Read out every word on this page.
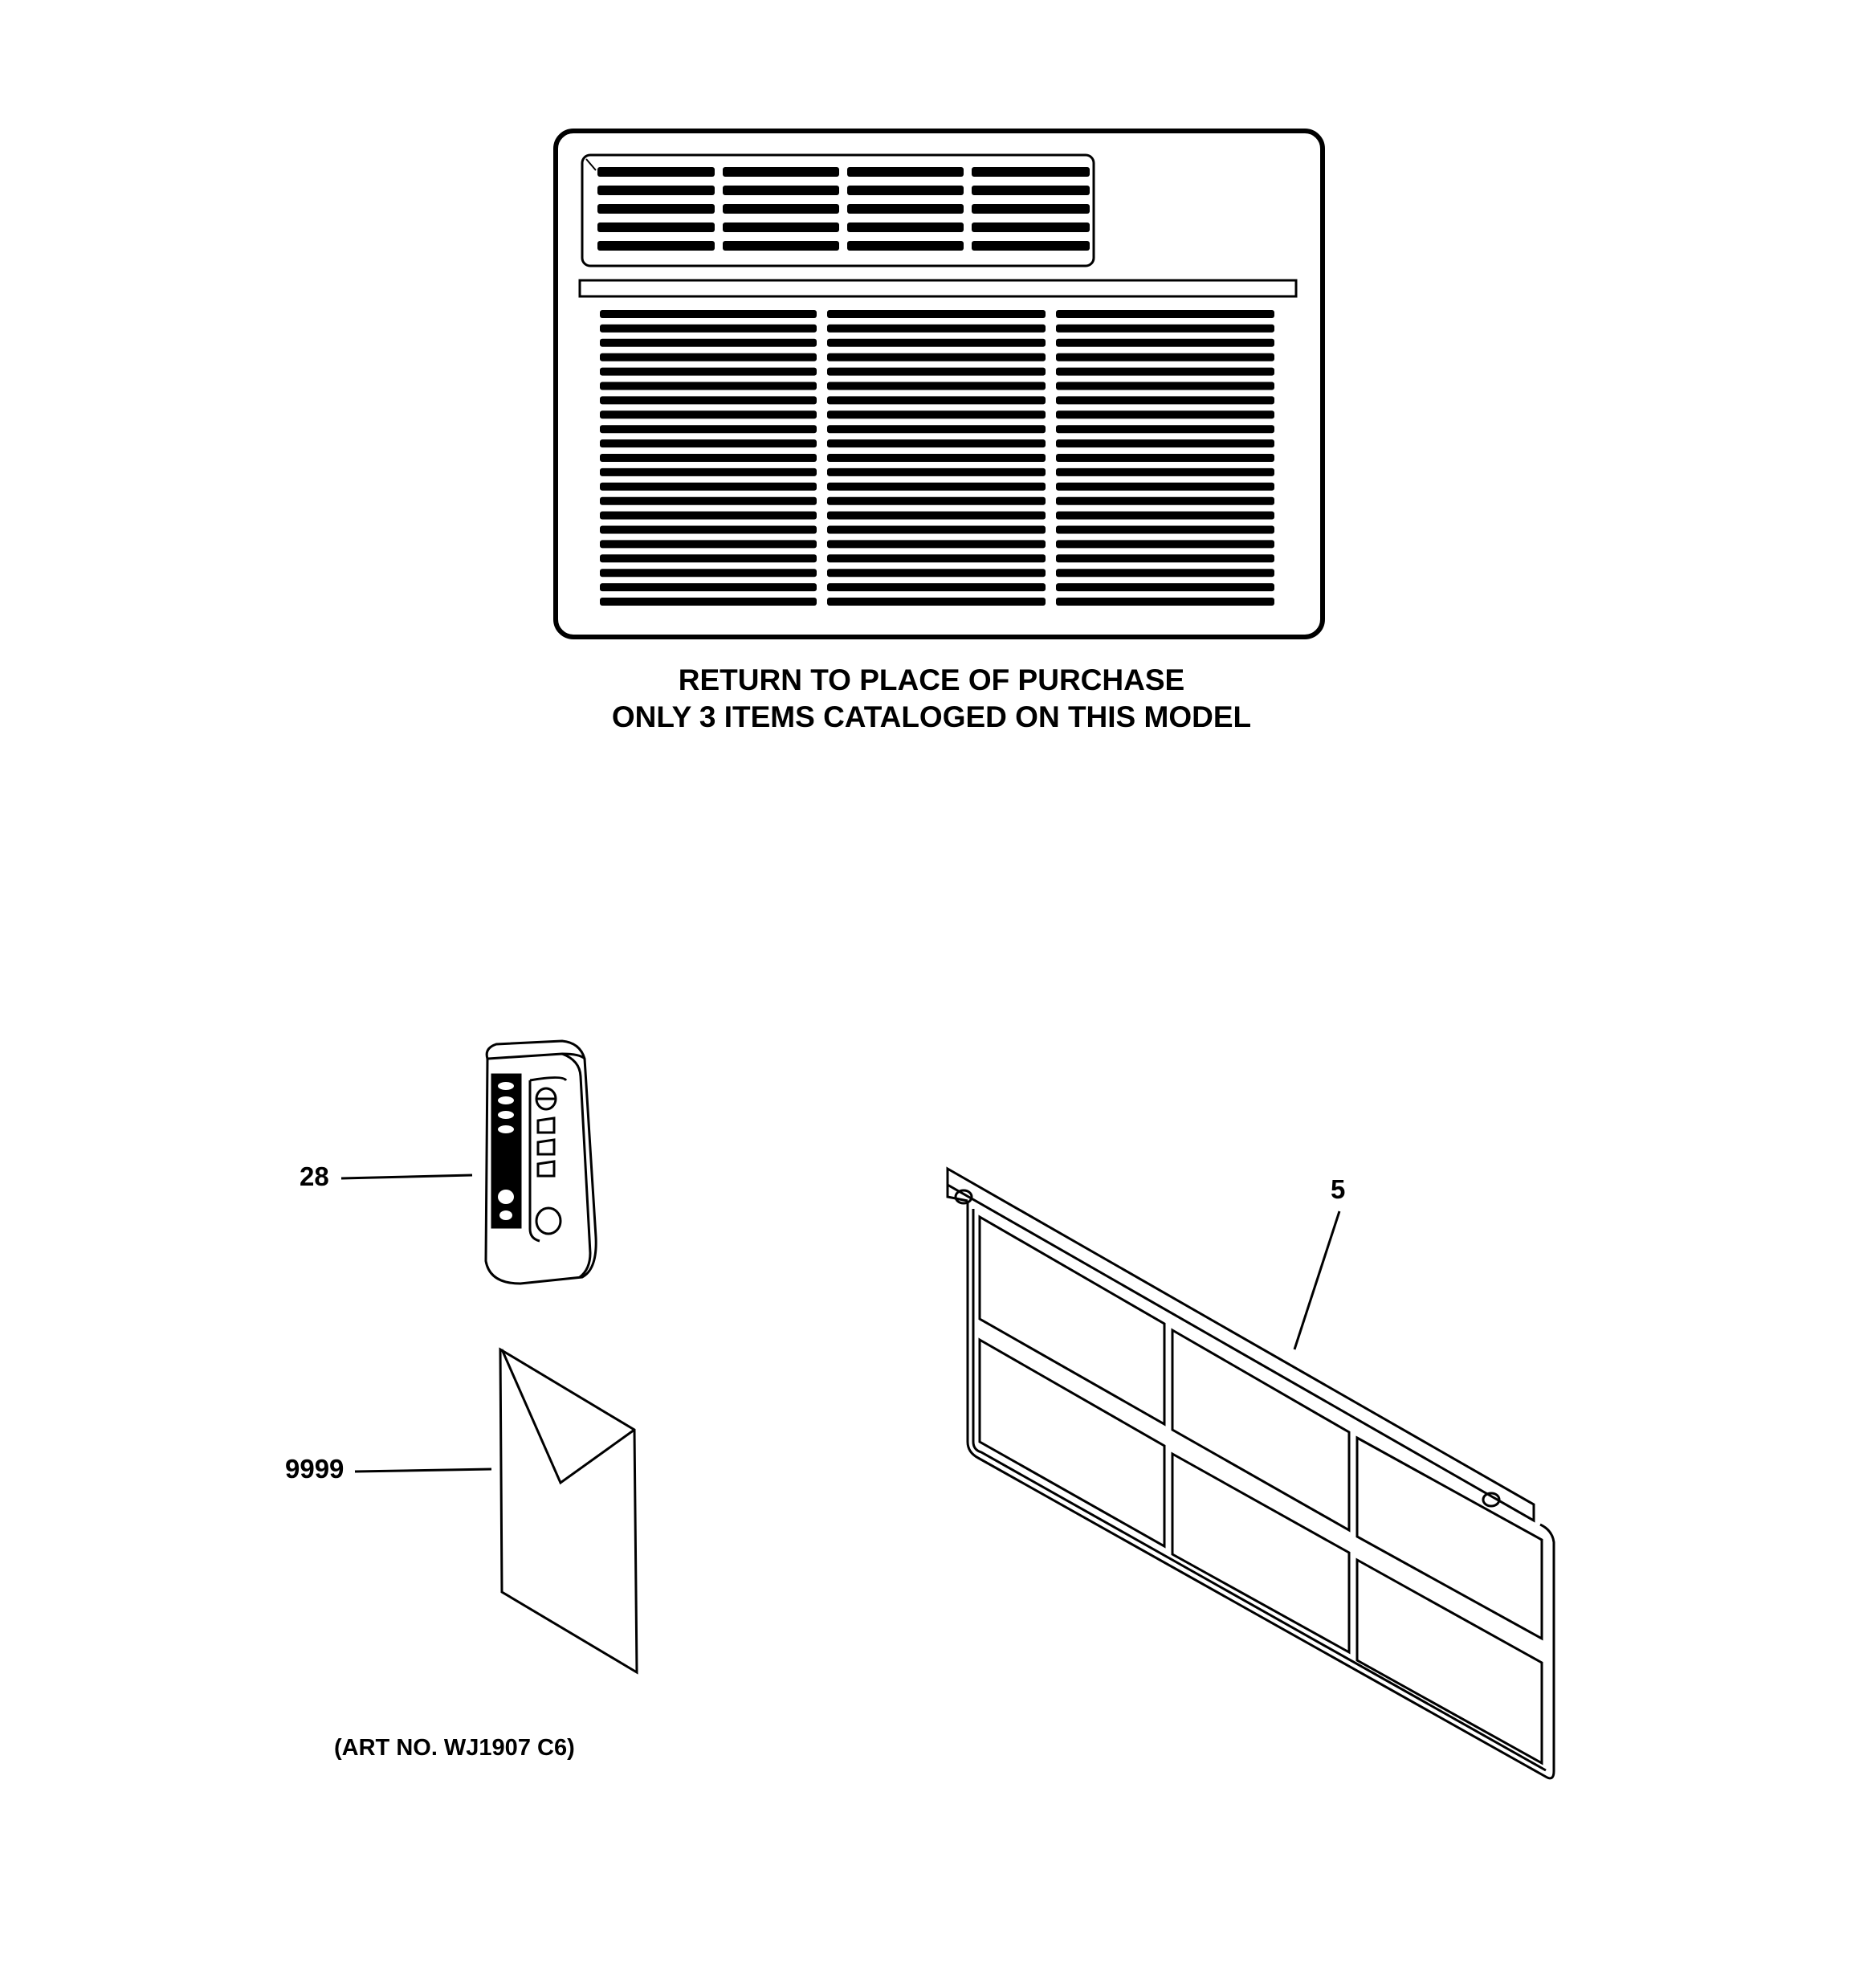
RETURN TO PLACE OF PURCHASE
ONLY 3 ITEMS CATALOGED ON THIS MODEL
28
9999
5
(ART NO. WJ1907 C6)
